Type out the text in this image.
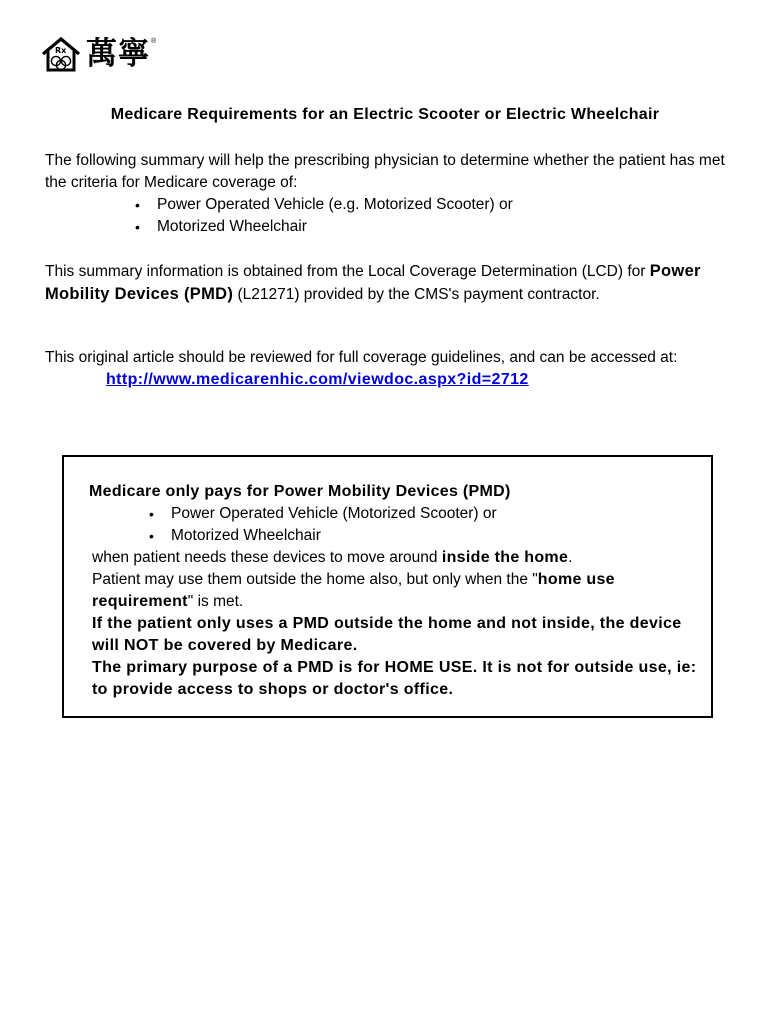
Rx 萬寧 ®
Medicare Requirements for an Electric Scooter or Electric Wheelchair
The following summary will help the prescribing physician to determine whether the patient has met the criteria for Medicare coverage of:
• Power Operated Vehicle (e.g. Motorized Scooter) or
• Motorized Wheelchair
This summary information is obtained from the Local Coverage Determination (LCD) for Power Mobility Devices (PMD) (L21271) provided by the CMS's payment contractor.
This original article should be reviewed for full coverage guidelines, and can be accessed at:
http://www.medicarenhic.com/viewdoc.aspx?id=2712
Medicare only pays for Power Mobility Devices (PMD)
• Power Operated Vehicle (Motorized Scooter) or
• Motorized Wheelchair
when patient needs these devices to move around inside the home.
Patient may use them outside the home also, but only when the "home use requirement" is met.
If the patient only uses a PMD outside the home and not inside, the device will NOT be covered by Medicare.
The primary purpose of a PMD is for HOME USE. It is not for outside use, ie: to provide access to shops or doctor's office.
